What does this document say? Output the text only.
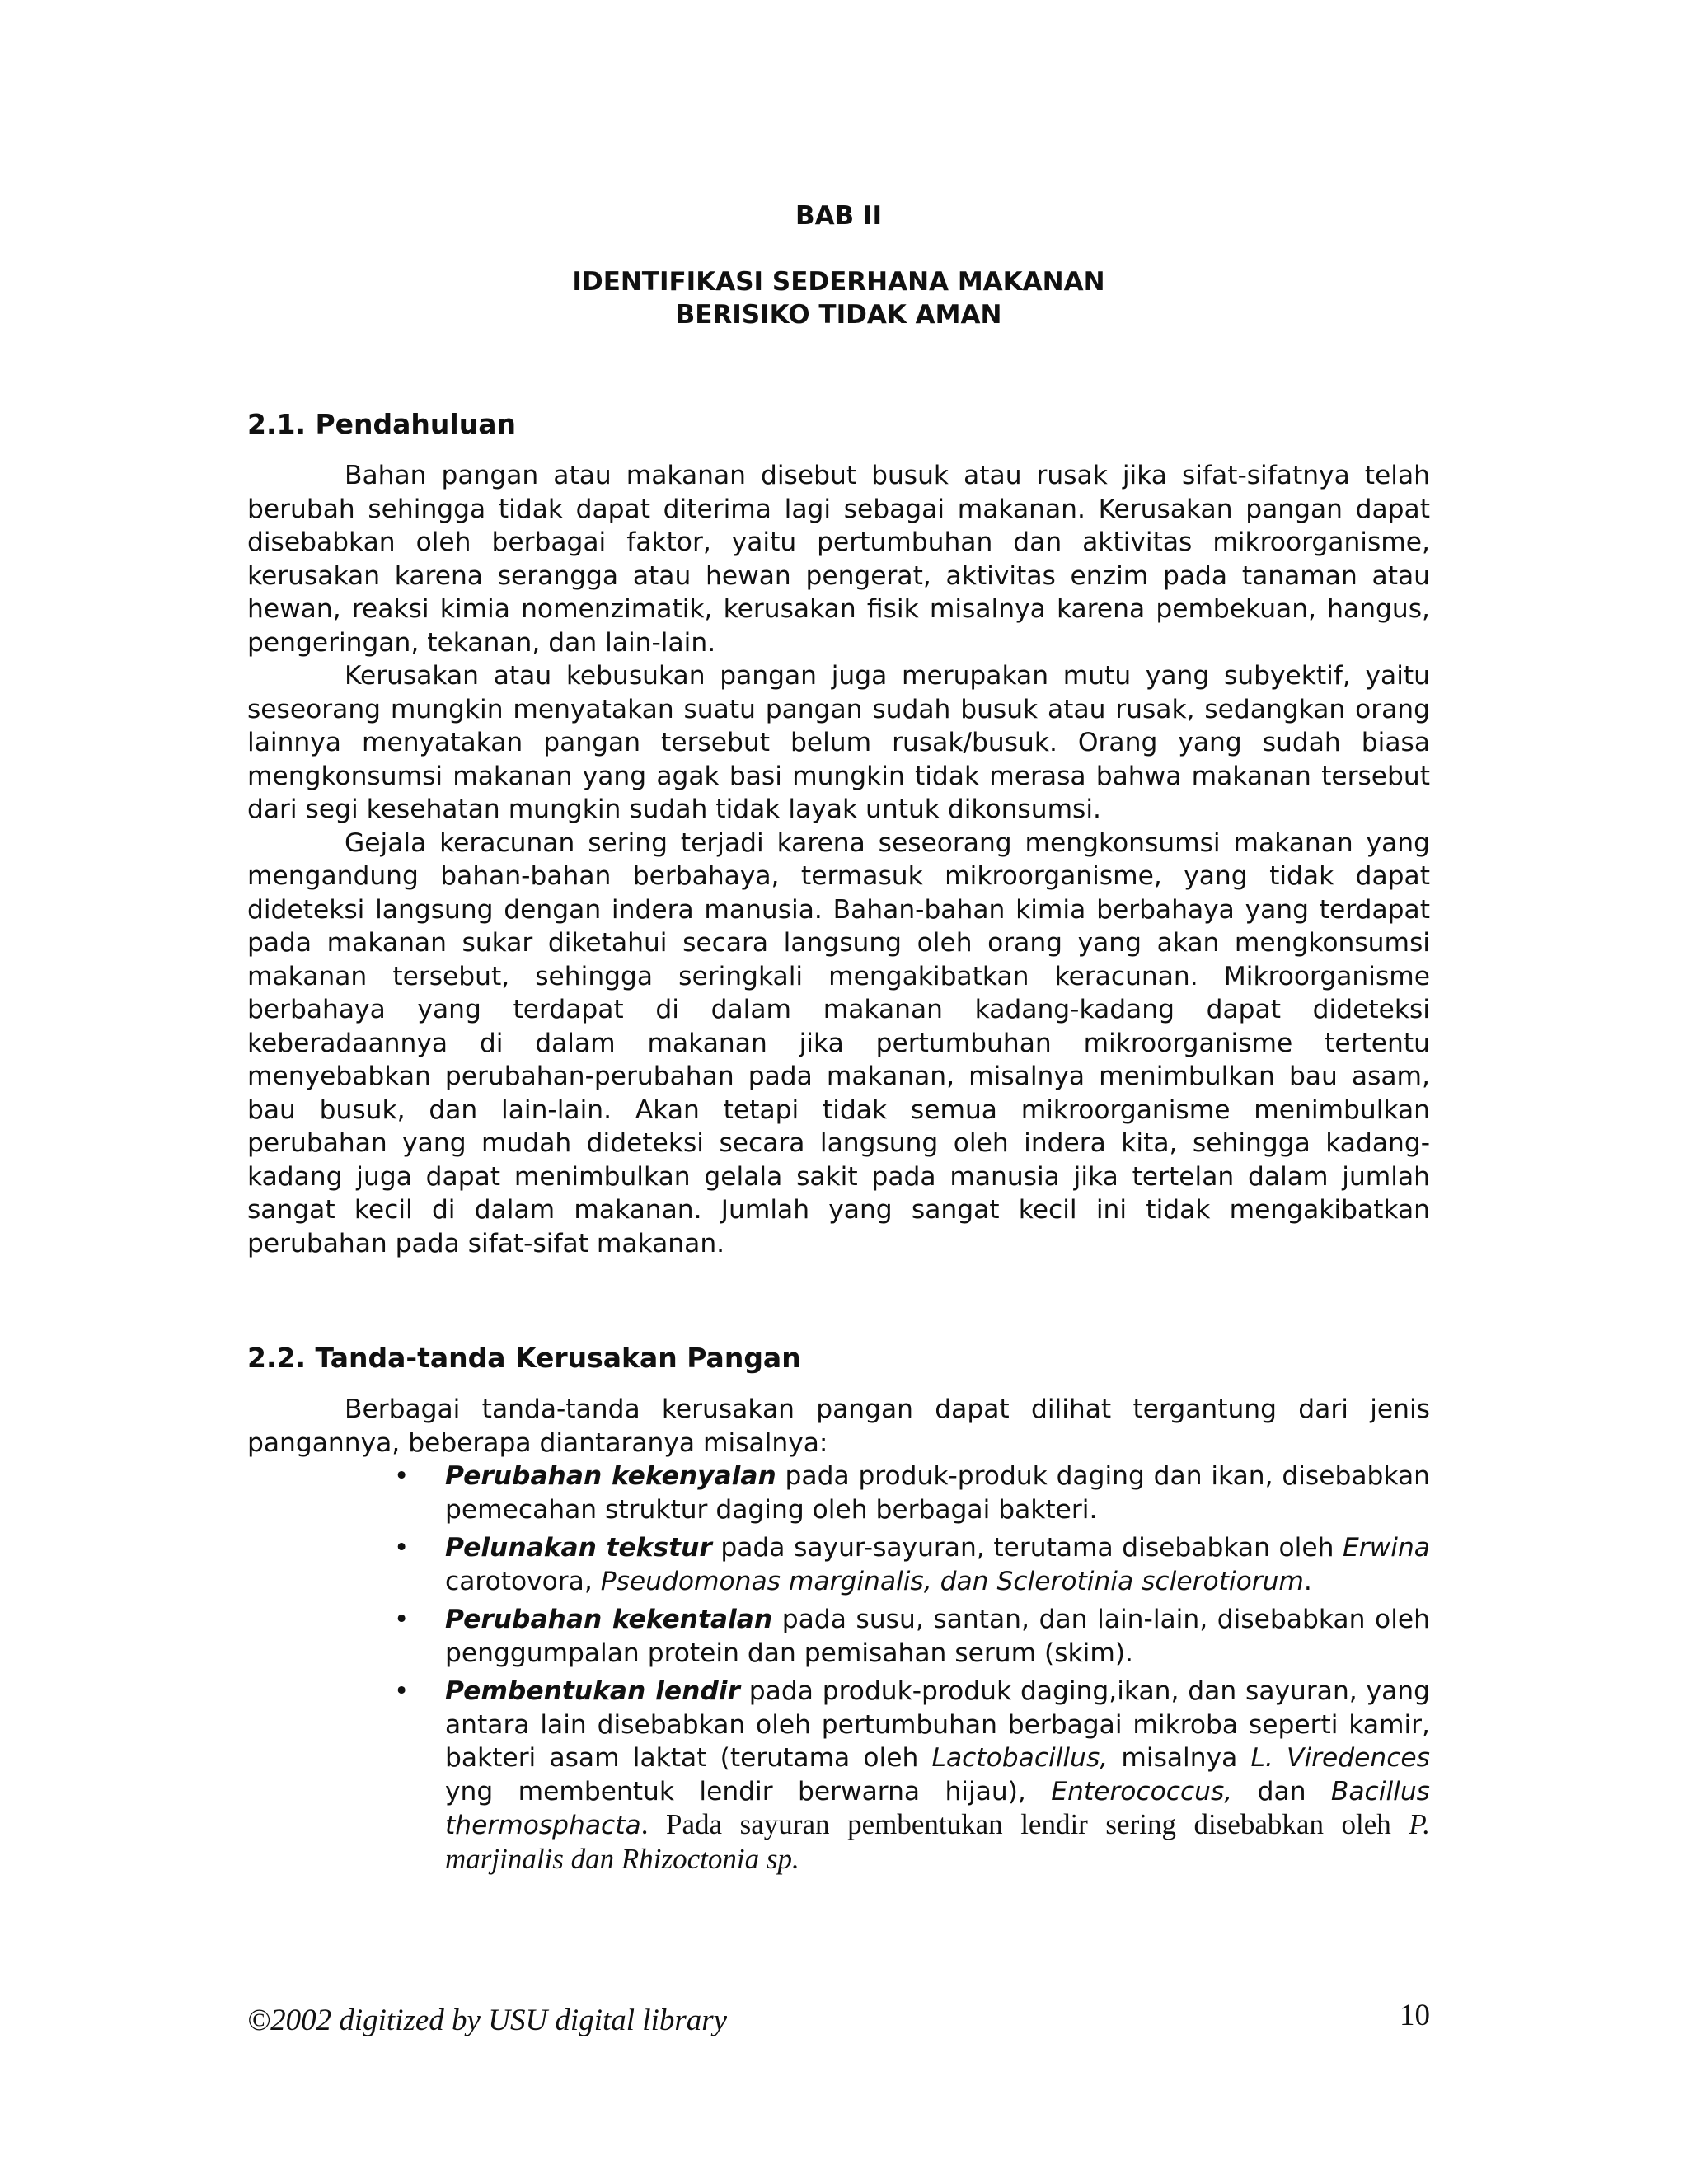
BAB II
IDENTIFIKASI SEDERHANA MAKANAN
BERISIKO TIDAK AMAN
2.1. Pendahuluan

Bahan pangan atau makanan disebut busuk atau rusak jika sifat-sifatnya telah berubah sehingga tidak dapat diterima lagi sebagai makanan. Kerusakan pangan dapat disebabkan oleh berbagai faktor, yaitu pertumbuhan dan aktivitas mikroorganisme, kerusakan karena serangga atau hewan pengerat, aktivitas enzim pada tanaman atau hewan, reaksi kimia nomenzimatik, kerusakan fisik misalnya karena pembekuan, hangus, pengeringan, tekanan, dan lain-lain.

Kerusakan atau kebusukan pangan juga merupakan mutu yang subyektif, yaitu seseorang mungkin menyatakan suatu pangan sudah busuk atau rusak, sedangkan orang lainnya menyatakan pangan tersebut belum rusak/busuk. Orang yang sudah biasa mengkonsumsi makanan yang agak basi mungkin tidak merasa bahwa makanan tersebut dari segi kesehatan mungkin sudah tidak layak untuk dikonsumsi.

Gejala keracunan sering terjadi karena seseorang mengkonsumsi makanan yang mengandung bahan-bahan berbahaya, termasuk mikroorganisme, yang tidak dapat dideteksi langsung dengan indera manusia. Bahan-bahan kimia berbahaya yang terdapat pada makanan sukar diketahui secara langsung oleh orang yang akan mengkonsumsi makanan tersebut, sehingga seringkali mengakibatkan keracunan. Mikroorganisme berbahaya yang terdapat di dalam makanan kadang-kadang dapat dideteksi keberadaannya di dalam makanan jika pertumbuhan mikroorganisme tertentu menyebabkan perubahan-perubahan pada makanan, misalnya menimbulkan bau asam, bau busuk, dan lain-lain. Akan tetapi tidak semua mikroorganisme menimbulkan perubahan yang mudah dideteksi secara langsung oleh indera kita, sehingga kadang-kadang juga dapat menimbulkan gelala sakit pada manusia jika tertelan dalam jumlah sangat kecil di dalam makanan. Jumlah yang sangat kecil ini tidak mengakibatkan perubahan pada sifat-sifat makanan.

2.2. Tanda-tanda Kerusakan Pangan

Berbagai tanda-tanda kerusakan pangan dapat dilihat tergantung dari jenis pangannya, beberapa diantaranya misalnya:

• Perubahan kekenyalan pada produk-produk daging dan ikan, disebabkan pemecahan struktur daging oleh berbagai bakteri.
• Pelunakan tekstur pada sayur-sayuran, terutama disebabkan oleh Erwina carotovora, Pseudomonas marginalis, dan Sclerotinia sclerotiorum.
• Perubahan kekentalan pada susu, santan, dan lain-lain, disebabkan oleh penggumpalan protein dan pemisahan serum (skim).
• Pembentukan lendir pada produk-produk daging,ikan, dan sayuran, yang antara lain disebabkan oleh pertumbuhan berbagai mikroba seperti kamir, bakteri asam laktat (terutama oleh Lactobacillus, misalnya L. Viredences yng membentuk lendir berwarna hijau), Enterococcus, dan Bacillus thermosphacta. Pada sayuran pembentukan lendir sering disebabkan oleh P. marjinalis dan Rhizoctonia sp.
©2002 digitized by USU digital library	10
